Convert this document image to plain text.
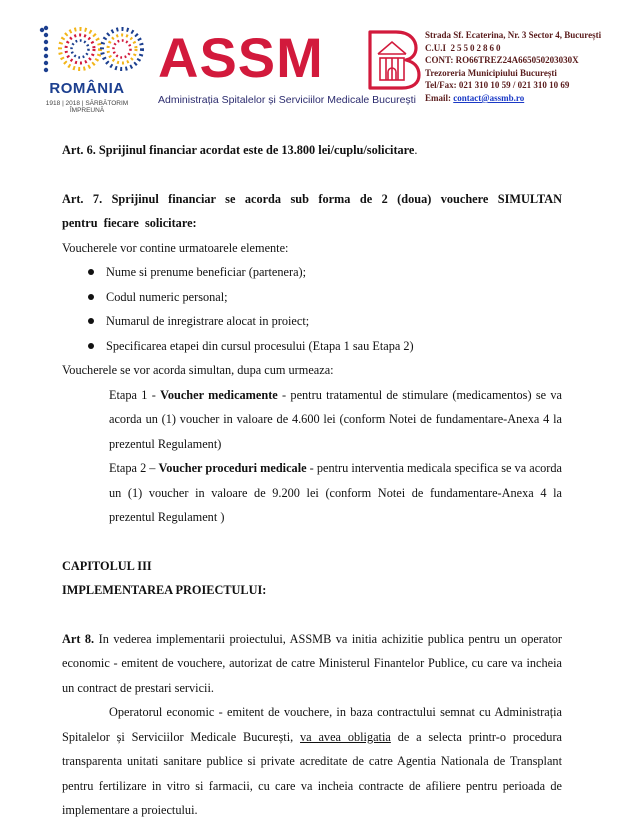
ROMÂNIA
1918 | 2018 | SĂRBĂTORIM ÎMPREUNĂ
ASSM
Administrația Spitalelor și Serviciilor Medicale București
Strada Sf. Ecaterina, Nr. 3 Sector 4, București
C.U.I 25502860
CONT: RO66TREZ24A665050203030X
Trezoreria Municipiului București
Tel/Fax: 021 310 10 59 / 021 310 10 69
Email: contact@assmb.ro

Art. 6. Sprijinul financiar acordat este de 13.800 lei/cuplu/solicitare.

Art. 7. Sprijinul financiar se acorda sub forma de 2 (doua) vouchere SIMULTAN pentru fiecare solicitare:

Voucherele vor contine urmatoarele elemente:

Nume si prenume beneficiar (partenera);
Codul numeric personal;
Numarul de inregistrare alocat in proiect;
Specificarea etapei din cursul procesului (Etapa 1 sau Etapa 2)

Voucherele se vor acorda simultan, dupa cum urmeaza:

Etapa 1 - Voucher medicamente - pentru tratamentul de stimulare (medicamentos) se va acorda un (1) voucher in valoare de 4.600 lei (conform Notei de fundamentare-Anexa 4 la prezentul Regulament)

Etapa 2 – Voucher proceduri medicale - pentru interventia medicala specifica se va acorda un (1) voucher in valoare de 9.200 lei (conform Notei de fundamentare-Anexa 4 la prezentul Regulament )

CAPITOLUL III

IMPLEMENTAREA PROIECTULUI:

Art 8. In vederea implementarii proiectului, ASSMB va initia achizitie publica pentru un operator economic - emitent de vouchere, autorizat de catre Ministerul Finantelor Publice, cu care va incheia un contract de prestari servicii.

Operatorul economic - emitent de vouchere, in baza contractului semnat cu Administrația Spitalelor și Serviciilor Medicale București, va avea obligatia de a selecta printr-o procedura transparenta unitati sanitare publice si private acreditate de catre Agentia Nationala de Transplant pentru fertilizare in vitro si farmacii, cu care va incheia contracte de afiliere pentru perioada de implementare a proiectului.
